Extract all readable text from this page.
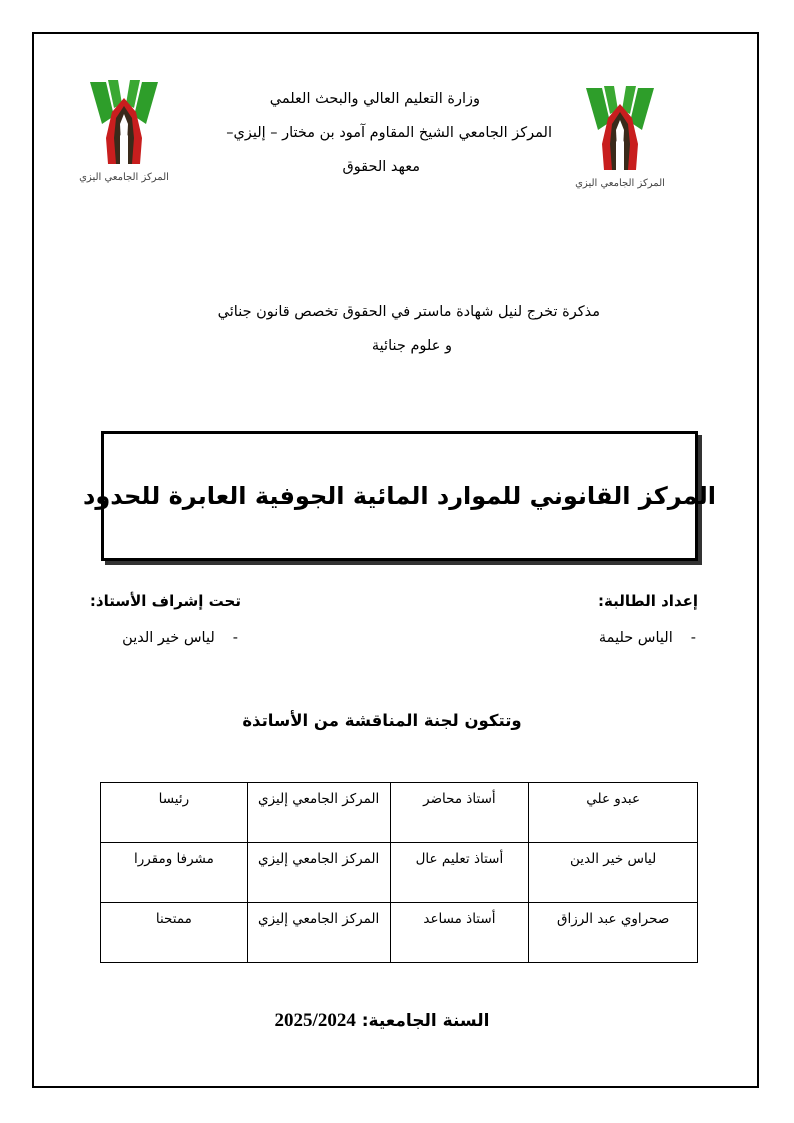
المركز الجامعي اليزي
المركز الجامعي اليزي
وزارة التعليم العالي والبحث العلمي
المركز الجامعي الشيخ المقاوم آمود بن مختار – إليزي–
معهد الحقوق
مذكرة تخرج لنيل شهادة ماستر في الحقوق تخصص قانون جنائي
و علوم جنائية
المركز القانوني للموارد المائية الجوفية العابرة للحدود
إعداد الطالبة:
تحت إشراف الأستاذ:
-الياس حليمة
-لياس خير الدين
وتتكون لجنة المناقشة من الأساتذة
عبدو علي	أستاذ محاضر	المركز الجامعي إليزي	رئيسا
لياس خير الدين	أستاذ تعليم عال	المركز الجامعي إليزي	مشرفا ومقررا
صحراوي عبد الرزاق	أستاذ مساعد	المركز الجامعي إليزي	ممتحنا
السنة الجامعية: 2025/2024
